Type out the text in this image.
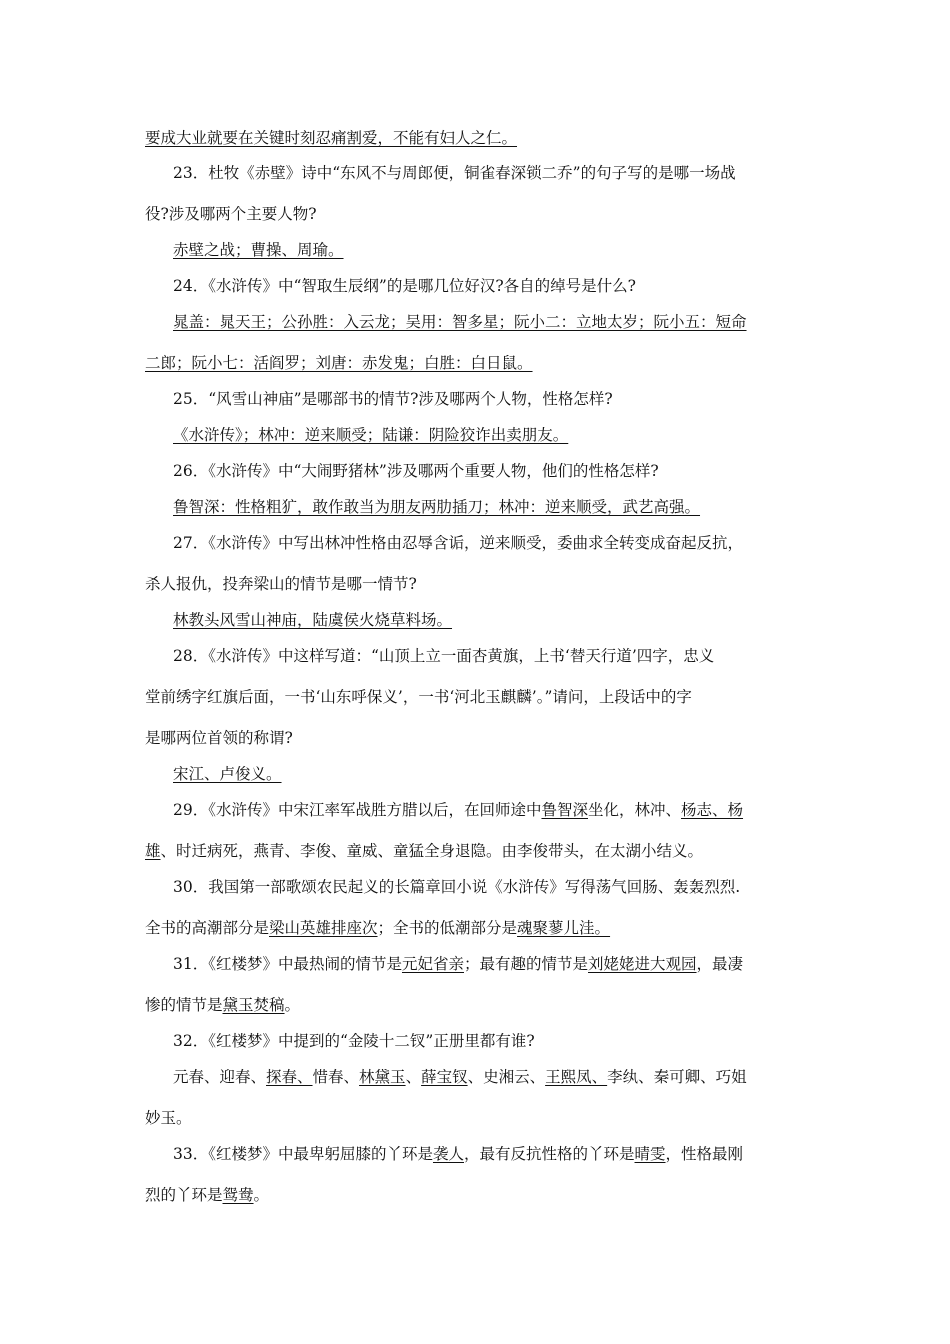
要成大业就要在关键时刻忍痛割爱，不能有妇人之仁。
23．杜牧《赤壁》诗中“东风不与周郎便，铜雀春深锁二乔”的句子写的是哪一场战
役?涉及哪两个主要人物?
赤壁之战；曹操、周瑜。
24．《水浒传》中“智取生辰纲”的是哪几位好汉?各自的绰号是什么?
晁盖：晁天王；公孙胜：入云龙；吴用：智多星；阮小二：立地太岁；阮小五：短命
二郎；阮小七：活阎罗；刘唐：赤发鬼；白胜：白日鼠。
25．“风雪山神庙”是哪部书的情节?涉及哪两个人物，性格怎样?
《水浒传》；林冲：逆来顺受；陆谦：阴险狡诈出卖朋友。
26．《水浒传》中“大闹野猪林”涉及哪两个重要人物，他们的性格怎样?
鲁智深：性格粗犷，敢作敢当为朋友两肋插刀；林冲：逆来顺受，武艺高强。
27．《水浒传》中写出林冲性格由忍辱含诟，逆来顺受，委曲求全转变成奋起反抗，
杀人报仇，投奔梁山的情节是哪一情节?
林教头风雪山神庙，陆虞侯火烧草料场。
28．《水浒传》中这样写道：“山顶上立一面杏黄旗，上书‘替天行道’四字，忠义
堂前绣字红旗后面，一书‘山东呼保义’，一书‘河北玉麒麟’。”请问，上段话中的字
是哪两位首领的称谓?
宋江、卢俊义。
29．《水浒传》中宋江率军战胜方腊以后，在回师途中鲁智深坐化，林冲、杨志、杨
雄、时迁病死，燕青、李俊、童威、童猛全身退隐。由李俊带头，在太湖小结义。
30．我国第一部歌颂农民起义的长篇章回小说《水浒传》写得荡气回肠、轰轰烈烈.
全书的高潮部分是梁山英雄排座次；全书的低潮部分是魂聚蓼儿洼。
31．《红楼梦》中最热闹的情节是元妃省亲；最有趣的情节是刘姥姥进大观园，最凄
惨的情节是黛玉焚稿。
32．《红楼梦》中提到的“金陵十二钗”正册里都有谁?
元春、迎春、探春、惜春、林黛玉、薛宝钗、史湘云、王熙凤、李纨、秦可卿、巧姐
妙玉。
33．《红楼梦》中最卑躬屈膝的丫环是袭人，最有反抗性格的丫环是晴雯，性格最刚
烈的丫环是鸳鸯。
